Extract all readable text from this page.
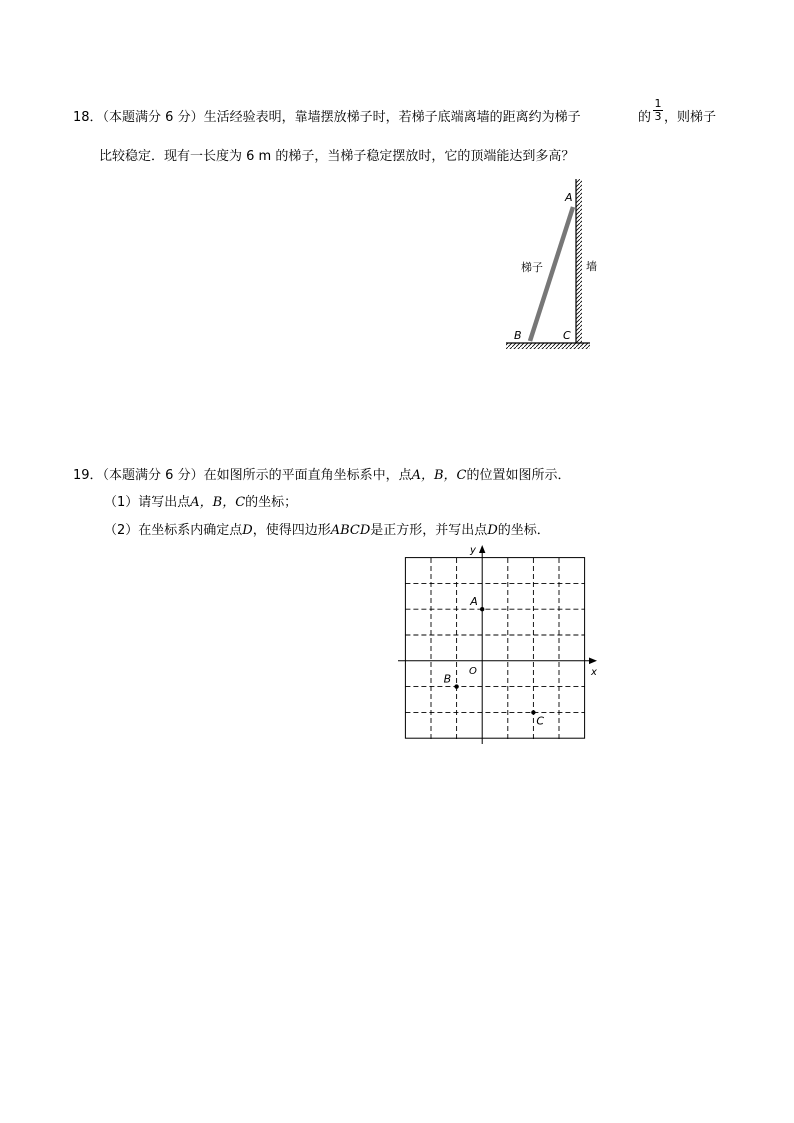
18．（本题满分 6 分）生活经验表明，靠墙摆放梯子时，若梯子底端离墙的距离约为梯子	的
1
3 ，则梯子
比较稳定．现有一长度为 6 m 的梯子，当梯子稳定摆放时，它的顶端能达到多高？
A
B	C
梯子	墙
19．（本题满分 6 分）在如图所示的平面直角坐标系中，点A，B，C的位置如图所示．
（1）请写出点A，B，C的坐标；
（2）在坐标系内确定点D，使得四边形ABCD是正方形，并写出点D的坐标．
x
y
O
A
B
C
